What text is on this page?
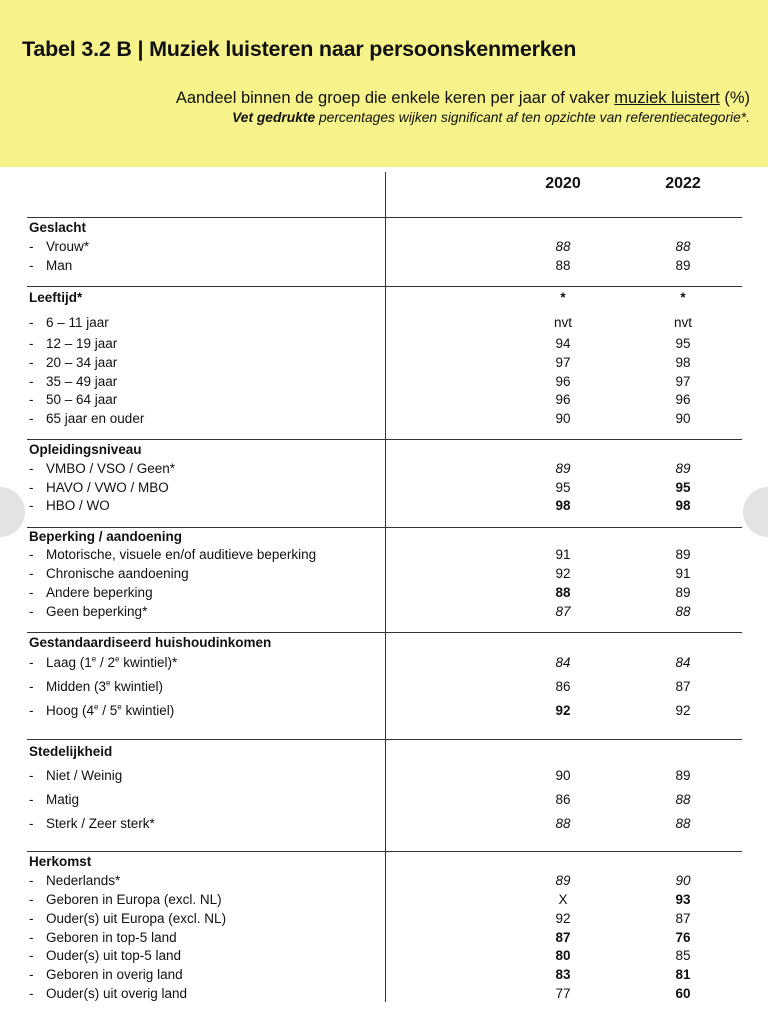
Tabel 3.2 B | Muziek luisteren naar persoonskenmerken
Aandeel binnen de groep die enkele keren per jaar of vaker muziek luistert (%)
Vet gedrukte percentages wijken significant af ten opzichte van referentiecategorie*.
2020	2022
Geslacht
- Vrouw*	88	88
- Man	88	89
Leeftijd*	*	*
- 6 – 11 jaar	nvt	nvt
- 12 – 19 jaar	94	95
- 20 – 34 jaar	97	98
- 35 – 49 jaar	96	97
- 50 – 64 jaar	96	96
- 65 jaar en ouder	90	90
Opleidingsniveau
- VMBO / VSO / Geen*	89	89
- HAVO / VWO / MBO	95	95
- HBO / WO	98	98
Beperking / aandoening
- Motorische, visuele en/of auditieve beperking	91	89
- Chronische aandoening	92	91
- Andere beperking	88	89
- Geen beperking*	87	88
Gestandaardiseerd huishoudinkomen
- Laag (1e / 2e kwintiel)*	84	84
- Midden (3e kwintiel)	86	87
- Hoog (4e / 5e kwintiel)	92	92
Stedelijkheid
- Niet / Weinig	90	89
- Matig	86	88
- Sterk / Zeer sterk*	88	88
Herkomst
- Nederlands*	89	90
- Geboren in Europa (excl. NL)	X	93
- Ouder(s) uit Europa (excl. NL)	92	87
- Geboren in top-5 land	87	76
- Ouder(s) uit top-5 land	80	85
- Geboren in overig land	83	81
- Ouder(s) uit overig land	77	60
